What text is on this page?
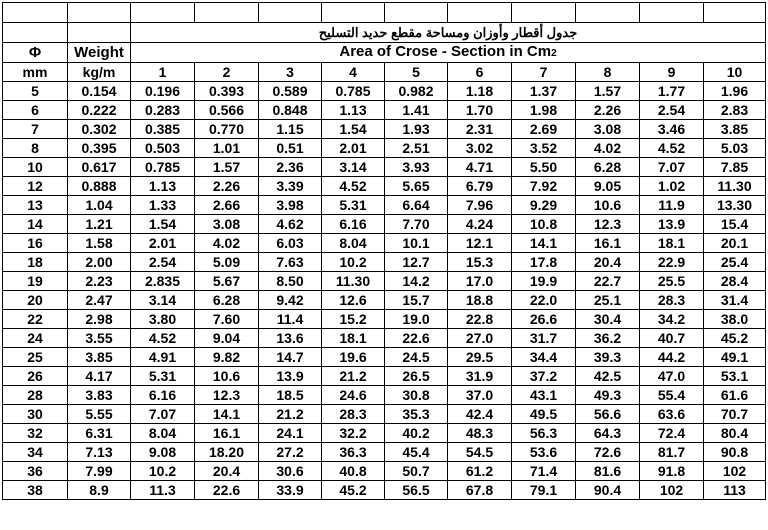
		جدول أقطار وأوزان ومساحة مقطع حديد التسليح									
Φ	Weight	Area of Crose - Section in Cm2									
mm	kg/m	1	2	3	4	5	6	7	8	9	10
5	0.154	0.196	0.393	0.589	0.785	0.982	1.18	1.37	1.57	1.77	1.96
6	0.222	0.283	0.566	0.848	1.13	1.41	1.70	1.98	2.26	2.54	2.83
7	0.302	0.385	0.770	1.15	1.54	1.93	2.31	2.69	3.08	3.46	3.85
8	0.395	0.503	1.01	0.51	2.01	2.51	3.02	3.52	4.02	4.52	5.03
10	0.617	0.785	1.57	2.36	3.14	3.93	4.71	5.50	6.28	7.07	7.85
12	0.888	1.13	2.26	3.39	4.52	5.65	6.79	7.92	9.05	1.02	11.30
13	1.04	1.33	2.66	3.98	5.31	6.64	7.96	9.29	10.6	11.9	13.30
14	1.21	1.54	3.08	4.62	6.16	7.70	4.24	10.8	12.3	13.9	15.4
16	1.58	2.01	4.02	6.03	8.04	10.1	12.1	14.1	16.1	18.1	20.1
18	2.00	2.54	5.09	7.63	10.2	12.7	15.3	17.8	20.4	22.9	25.4
19	2.23	2.835	5.67	8.50	11.30	14.2	17.0	19.9	22.7	25.5	28.4
20	2.47	3.14	6.28	9.42	12.6	15.7	18.8	22.0	25.1	28.3	31.4
22	2.98	3.80	7.60	11.4	15.2	19.0	22.8	26.6	30.4	34.2	38.0
24	3.55	4.52	9.04	13.6	18.1	22.6	27.0	31.7	36.2	40.7	45.2
25	3.85	4.91	9.82	14.7	19.6	24.5	29.5	34.4	39.3	44.2	49.1
26	4.17	5.31	10.6	13.9	21.2	26.5	31.9	37.2	42.5	47.0	53.1
28	3.83	6.16	12.3	18.5	24.6	30.8	37.0	43.1	49.3	55.4	61.6
30	5.55	7.07	14.1	21.2	28.3	35.3	42.4	49.5	56.6	63.6	70.7
32	6.31	8.04	16.1	24.1	32.2	40.2	48.3	56.3	64.3	72.4	80.4
34	7.13	9.08	18.20	27.2	36.3	45.4	54.5	53.6	72.6	81.7	90.8
36	7.99	10.2	20.4	30.6	40.8	50.7	61.2	71.4	81.6	91.8	102
38	8.9	11.3	22.6	33.9	45.2	56.5	67.8	79.1	90.4	102	113
